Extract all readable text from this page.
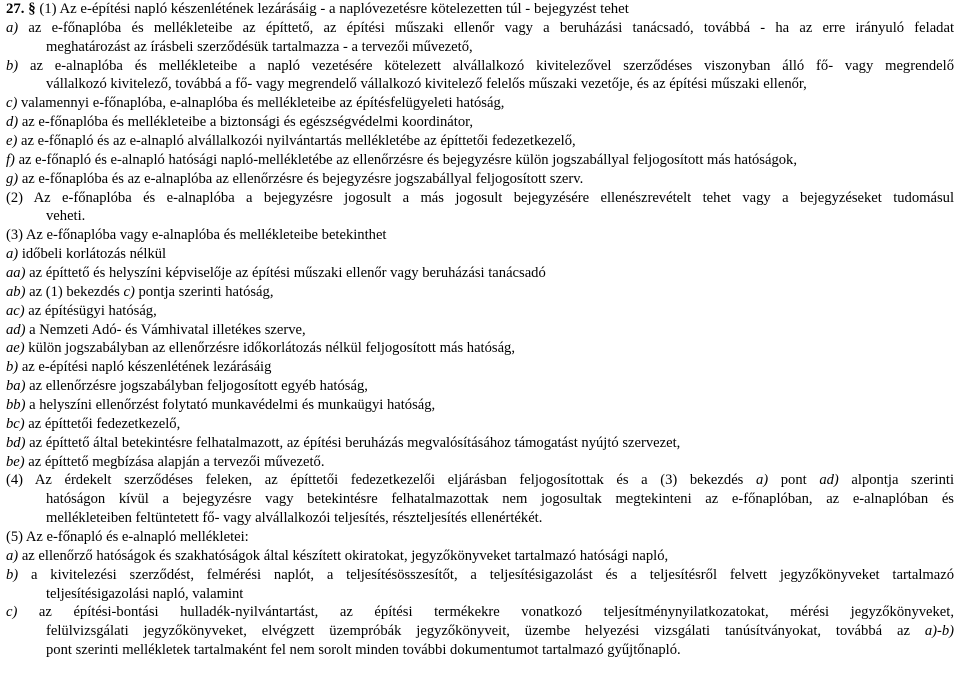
27. § (1) Az e-építési napló készenlétének lezárásáig - a naplóvezetésre kötelezetten túl - bejegyzést tehet
a) az e-főnaplóba és mellékleteibe az építtető, az építési műszaki ellenőr vagy a beruházási tanácsadó, továbbá - ha az erre irányuló feladat
meghatározást az írásbeli szerződésük tartalmazza - a tervezői művezető,
b) az e-alnaplóba és mellékleteibe a napló vezetésére kötelezett alvállalkozó kivitelezővel szerződéses viszonyban álló fő- vagy megrendelő
vállalkozó kivitelező, továbbá a fő- vagy megrendelő vállalkozó kivitelező felelős műszaki vezetője, és az építési műszaki ellenőr,
c) valamennyi e-főnaplóba, e-alnaplóba és mellékleteibe az építésfelügyeleti hatóság,
d) az e-főnaplóba és mellékleteibe a biztonsági és egészségvédelmi koordinátor,
e) az e-főnapló és az e-alnapló alvállalkozói nyilvántartás mellékletébe az építtetői fedezetkezelő,
f) az e-főnapló és e-alnapló hatósági napló-mellékletébe az ellenőrzésre és bejegyzésre külön jogszabállyal feljogosított más hatóságok,
g) az e-főnaplóba és az e-alnaplóba az ellenőrzésre és bejegyzésre jogszabállyal feljogosított szerv.
(2) Az e-főnaplóba és e-alnaplóba a bejegyzésre jogosult a más jogosult bejegyzésére ellenészrevételt tehet vagy a bejegyzéseket tudomásul
veheti.
(3) Az e-főnaplóba vagy e-alnaplóba és mellékleteibe betekinthet
a) időbeli korlátozás nélkül
aa) az építtető és helyszíni képviselője az építési műszaki ellenőr vagy beruházási tanácsadó
ab) az (1) bekezdés c) pontja szerinti hatóság,
ac) az építésügyi hatóság,
ad) a Nemzeti Adó- és Vámhivatal illetékes szerve,
ae) külön jogszabályban az ellenőrzésre időkorlátozás nélkül feljogosított más hatóság,
b) az e-építési napló készenlétének lezárásáig
ba) az ellenőrzésre jogszabályban feljogosított egyéb hatóság,
bb) a helyszíni ellenőrzést folytató munkavédelmi és munkaügyi hatóság,
bc) az építtetői fedezetkezelő,
bd) az építtető által betekintésre felhatalmazott, az építési beruházás megvalósításához támogatást nyújtó szervezet,
be) az építtető megbízása alapján a tervezői művezető.
(4) Az érdekelt szerződéses feleken, az építtetői fedezetkezelői eljárásban feljogosítottak és a (3) bekezdés a) pont ad) alpontja szerinti
hatóságon kívül a bejegyzésre vagy betekintésre felhatalmazottak nem jogosultak megtekinteni az e-főnaplóban, az e-alnaplóban és
mellékleteiben feltüntetett fő- vagy alvállalkozói teljesítés, részteljesítés ellenértékét.
(5) Az e-főnapló és e-alnapló mellékletei:
a) az ellenőrző hatóságok és szakhatóságok által készített okiratokat, jegyzőkönyveket tartalmazó hatósági napló,
b) a kivitelezési szerződést, felmérési naplót, a teljesítésösszesítőt, a teljesítésigazolást és a teljesítésről felvett jegyzőkönyveket tartalmazó
teljesítésigazolási napló, valamint
c) az építési-bontási hulladék-nyilvántartást, az építési termékekre vonatkozó teljesítménynyilatkozatokat, mérési jegyzőkönyveket,
felülvizsgálati jegyzőkönyveket, elvégzett üzempróbák jegyzőkönyveit, üzembe helyezési vizsgálati tanúsítványokat, továbbá az a)-b)
pont szerinti mellékletek tartalmaként fel nem sorolt minden további dokumentumot tartalmazó gyűjtőnapló.
